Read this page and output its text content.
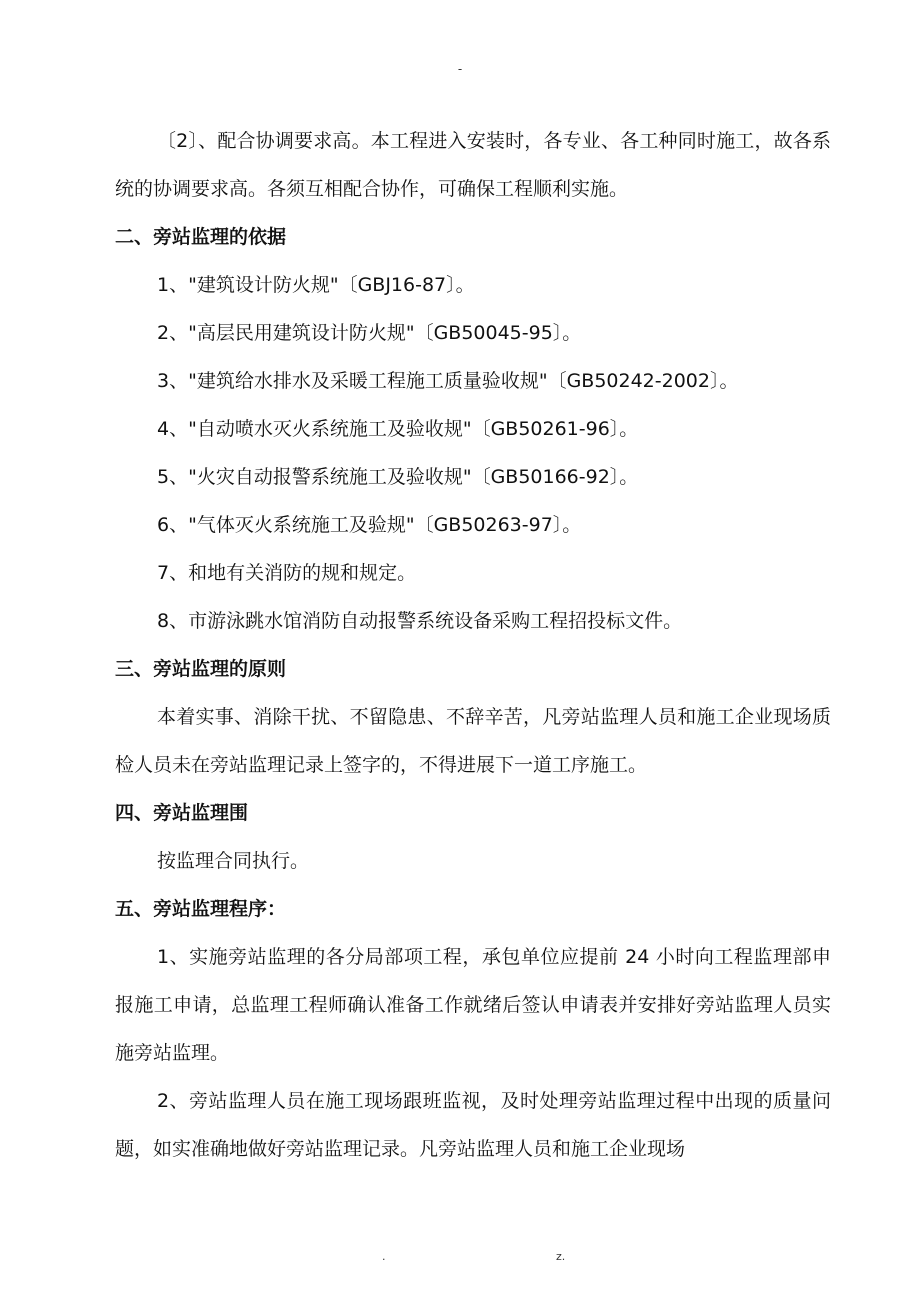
-

〔2〕、配合协调要求高。本工程进入安装时，各专业、各工种同时施工，故各系统的协调要求高。各须互相配合协作，可确保工程顺利实施。

二、旁站监理的依据

1、"建筑设计防火规"〔GBJ16-87〕。

2、"高层民用建筑设计防火规"〔GB50045-95〕。

3、"建筑给水排水及采暖工程施工质量验收规"〔GB50242-2002〕。

4、"自动喷水灭火系统施工及验收规"〔GB50261-96〕。

5、"火灾自动报警系统施工及验收规"〔GB50166-92〕。

6、"气体灭火系统施工及验规"〔GB50263-97〕。

7、和地有关消防的规和规定。

8、市游泳跳水馆消防自动报警系统设备采购工程招投标文件。

三、旁站监理的原则

本着实事、消除干扰、不留隐患、不辞辛苦，凡旁站监理人员和施工企业现场质检人员未在旁站监理记录上签字的，不得进展下一道工序施工。

四、旁站监理围

按监理合同执行。

五、旁站监理程序：

1、实施旁站监理的各分局部项工程，承包单位应提前 24 小时向工程监理部申报施工申请，总监理工程师确认准备工作就绪后签认申请表并安排好旁站监理人员实施旁站监理。

2、旁站监理人员在施工现场跟班监视，及时处理旁站监理过程中出现的质量问题，如实准确地做好旁站监理记录。凡旁站监理人员和施工企业现场

.	z.
